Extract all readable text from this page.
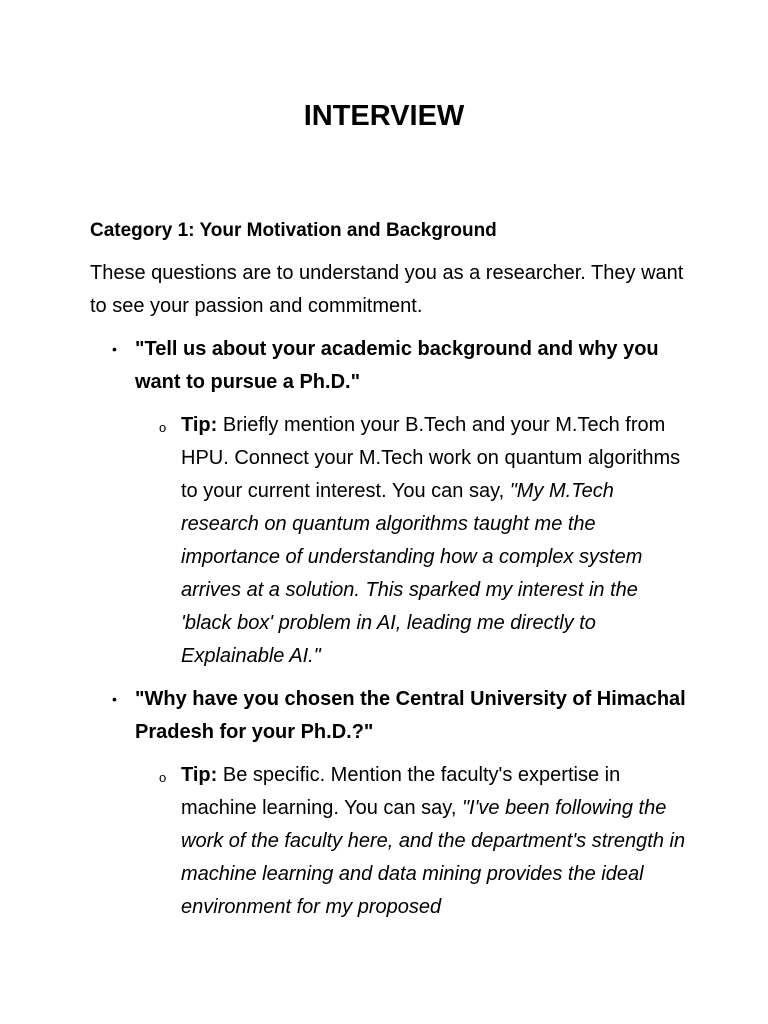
INTERVIEW

Category 1: Your Motivation and Background

These questions are to understand you as a researcher. They want to see your passion and commitment.

• "Tell us about your academic background and why you want to pursue a Ph.D."
o Tip: Briefly mention your B.Tech and your M.Tech from HPU. Connect your M.Tech work on quantum algorithms to your current interest. You can say, "My M.Tech research on quantum algorithms taught me the importance of understanding how a complex system arrives at a solution. This sparked my interest in the 'black box' problem in AI, leading me directly to Explainable AI."
• "Why have you chosen the Central University of Himachal Pradesh for your Ph.D.?"
o Tip: Be specific. Mention the faculty's expertise in machine learning. You can say, "I've been following the work of the faculty here, and the department's strength in machine learning and data mining provides the ideal environment for my proposed
